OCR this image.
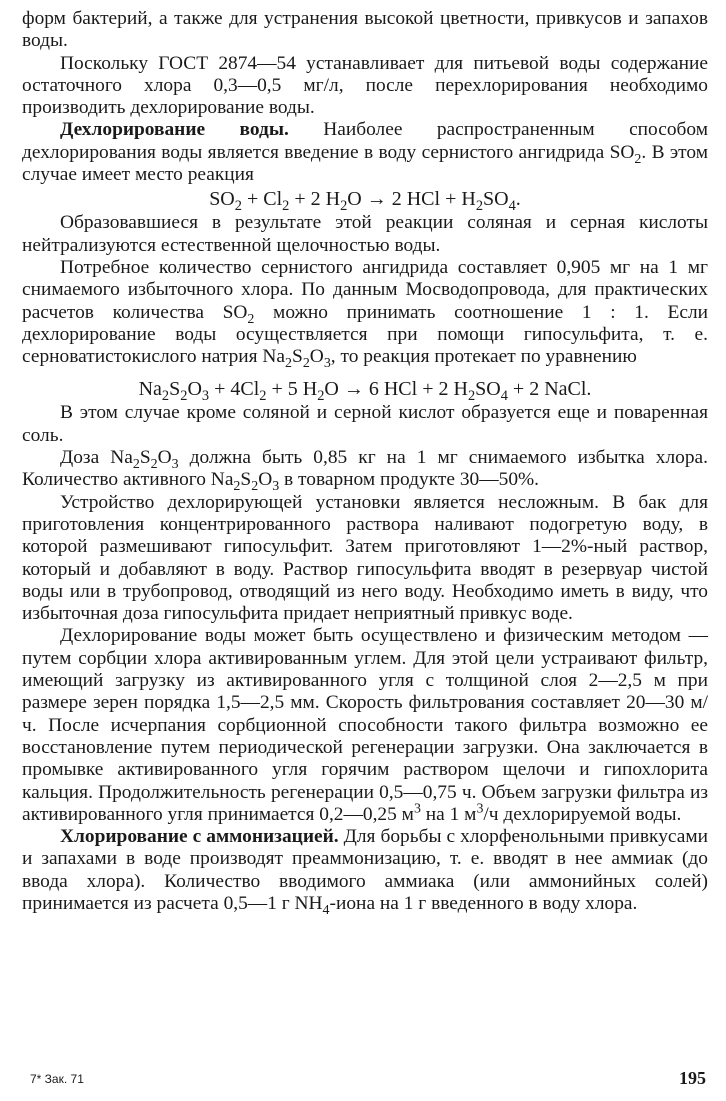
форм бактерий, а также для устранения высокой цветности, привкусов и запахов воды.

Поскольку ГОСТ 2874—54 устанавливает для питьевой воды содержание остаточного хлора 0,3—0,5 мг/л, после перехлорирования необходимо производить дехлорирование воды.

Дехлорирование воды. Наиболее распространенным способом дехлорирования воды является введение в воду сернистого ангидрида $SO_2$. В этом случае имеет место реакция

$SO_2 + Cl_2 + 2$ $H_2O \to 2$ HCl + $H_2SO_4$.

Образовавшиеся в результате этой реакции соляная и серная кислоты нейтрализуются естественной щелочностью воды.

Потребное количество сернистого ангидрида составляет 0,905 мг на 1 мг снимаемого избыточного хлора. По данным Мосводопровода, для практических расчетов количества $SO_2$ можно принимать соотношение 1 : 1. Если дехлорирование воды осуществляется при помощи гипосульфита, т. е. серноватистокислого натрия $Na_2S_2O_3$, то реакция протекает по уравнению

$Na_2S_2O_3 + 4Cl_2 + 5$ $H_2O \to 6$ HCl + 2 $H_2SO_4 + 2$ NaCl.

В этом случае кроме соляной и серной кислот образуется еще и поваренная соль.

Доза $Na_2S_2O_3$ должна быть 0,85 кг на 1 мг снимаемого избытка хлора. Количество активного $Na_2S_2O_3$ в товарном продукте 30—50%.

Устройство дехлорирующей установки является несложным. В бак для приготовления концентрированного раствора наливают подогретую воду, в которой размешивают гипосульфит. Затем приготовляют 1—2%-ный раствор, который и добавляют в воду. Раствор гипосульфита вводят в резервуар чистой воды или в трубопровод, отводящий из него воду. Необходимо иметь в виду, что избыточная доза гипосульфита придает неприятный привкус воде.

Дехлорирование воды может быть осуществлено и физическим методом — путем сорбции хлора активированным углем. Для этой цели устраивают фильтр, имеющий загрузку из активированного угля с толщиной слоя 2—2,5 м при размере зерен порядка 1,5—2,5 мм. Скорость фильтрования составляет 20—30 м/ч. После исчерпания сорбционной способности такого фильтра возможно ее восстановление путем периодической регенерации загрузки. Она заключается в промывке активированного угля горячим раствором щелочи и гипохлорита кальция. Продолжительность регенерации 0,5—0,75 ч. Объем загрузки фильтра из активированного угля принимается 0,2—0,25 $м^3$ на 1 $м^3/ч$ дехлорируемой воды.

Хлорирование с аммонизацией. Для борьбы с хлорфенольными привкусами и запахами в воде производят преаммонизацию, т. е. вводят в нее аммиак (до ввода хлора). Количество вводимого аммиака (или аммонийных солей) принимается из расчета 0,5—1 г $NH_4$-иона на 1 г введенного в воду хлора.

7* Зак. 71	195
